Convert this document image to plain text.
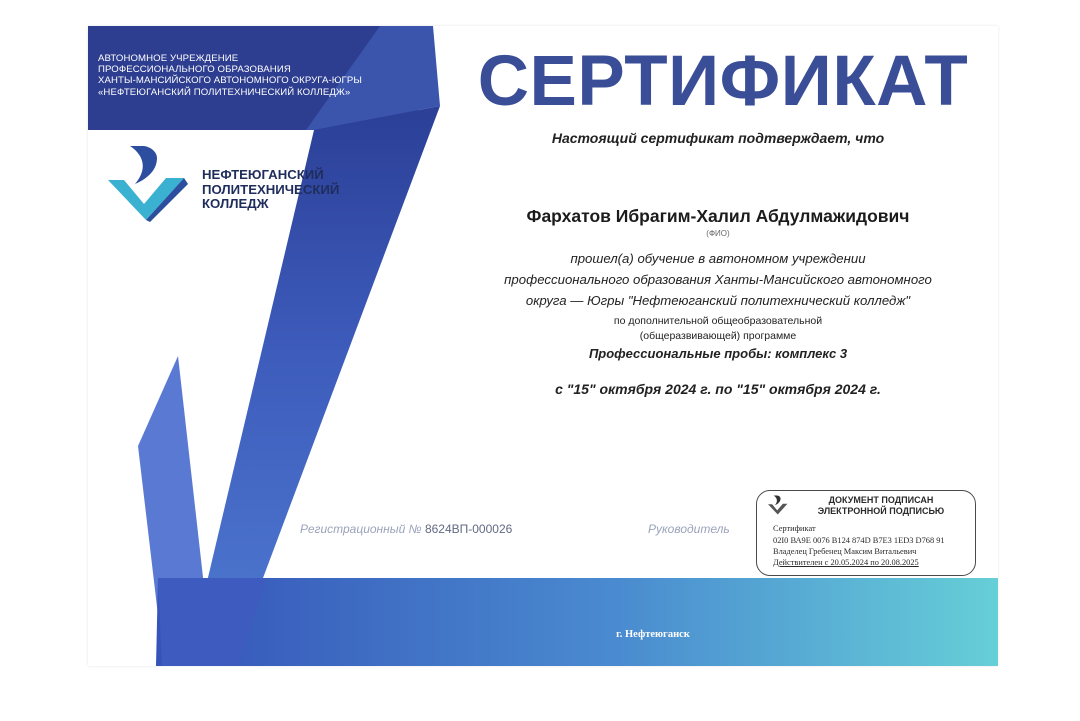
АВТОНОМНОЕ УЧРЕЖДЕНИЕ
ПРОФЕССИОНАЛЬНОГО ОБРАЗОВАНИЯ
ХАНТЫ-МАНСИЙСКОГО АВТОНОМНОГО ОКРУГА-ЮГРЫ
«НЕФТЕЮГАНСКИЙ ПОЛИТЕХНИЧЕСКИЙ КОЛЛЕДЖ»
НЕФТЕЮГАНСКИЙ
ПОЛИТЕХНИЧЕСКИЙ
КОЛЛЕДЖ
СЕРТИФИКАТ
Настоящий сертификат подтверждает, что
Фархатов Ибрагим-Халил Абдулмажидович
(ФИО)
прошел(а) обучение в автономном учреждении
профессионального образования Ханты-Мансийского автономного
округа — Югры "Нефтеюганский политехнический колледж"
по дополнительной общеобразовательной
(общеразвивающей) программе
Профессиональные пробы: комплекс 3
с "15" октября 2024 г. по "15" октября 2024 г.
Регистрационный № 8624ВП-000026	Руководитель
ДОКУМЕНТ ПОДПИСАН
ЭЛЕКТРОННОЙ ПОДПИСЬЮ
Сертификат
02І0 ВА9Е 0076 В124 874D В7Е3 1ED3 D768 91
Владелец Гребенец Максим Витальевич
Действителен с 20.05.2024 по 20.08.2025
г. Нефтеюганск
